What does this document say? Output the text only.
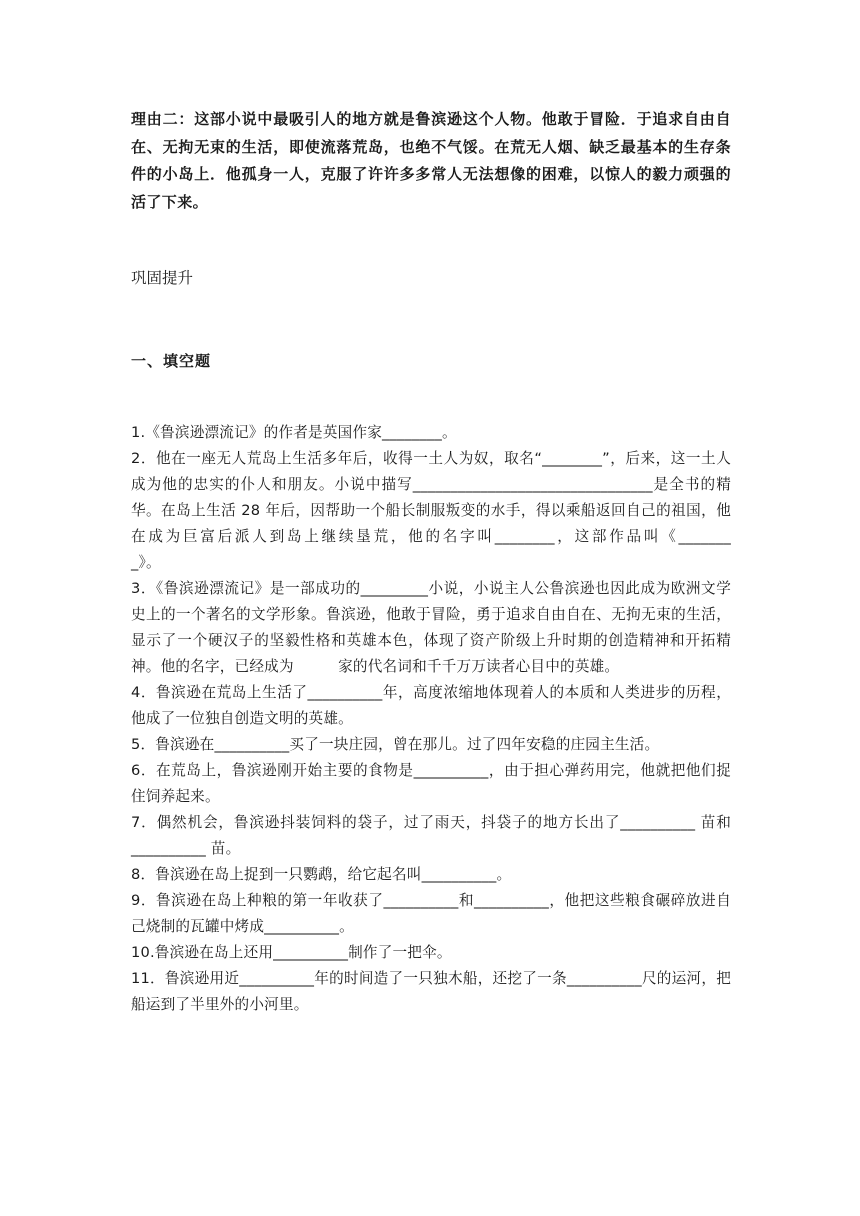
理由二：这部小说中最吸引人的地方就是鲁滨逊这个人物。他敢于冒险．于追求自由自在、无拘无束的生活，即使流落荒岛，也绝不气馁。在荒无人烟、缺乏最基本的生存条件的小岛上．他孤身一人，克服了许许多多常人无法想像的困难，以惊人的毅力顽强的活了下来。

巩固提升
一、填空题
1.《鲁滨逊漂流记》的作者是英国作家________。
2．他在一座无人荒岛上生活多年后，收得一土人为奴，取名“________”，后来，这一土人成为他的忠实的仆人和朋友。小说中描写________________________________是全书的精华。在岛上生活 28 年后，因帮助一个船长制服叛变的水手，得以乘船返回自己的祖国，他在成为巨富后派人到岛上继续垦荒，他的名字叫________，这部作品叫《_______　　　_》。
3．《鲁滨逊漂流记》是一部成功的_________小说，小说主人公鲁滨逊也因此成为欧洲文学史上的一个著名的文学形象。鲁滨逊，他敢于冒险，勇于追求自由自在、无拘无束的生活，显示了一个硬汉子的坚毅性格和英雄本色，体现了资产阶级上升时期的创造精神和开拓精神。他的名字，已经成为　　　家的代名词和千千万万读者心目中的英雄。
4．鲁滨逊在荒岛上生活了__________年，高度浓缩地体现着人的本质和人类进步的历程，他成了一位独自创造文明的英雄。
5．鲁滨逊在__________买了一块庄园，曾在那儿。过了四年安稳的庄园主生活。
6．在荒岛上，鲁滨逊刚开始主要的食物是__________，由于担心弹药用完，他就把他们捉住饲养起来。
7．偶然机会，鲁滨逊抖装饲料的袋子，过了雨天，抖袋子的地方长出了__________ 苗和__________ 苗。
8．鲁滨逊在岛上捉到一只鹦鹉，给它起名叫__________。
9．鲁滨逊在岛上种粮的第一年收获了__________和__________，他把这些粮食碾碎放进自己烧制的瓦罐中烤成__________。
10.鲁滨逊在岛上还用__________制作了一把伞。
11．鲁滨逊用近__________年的时间造了一只独木船，还挖了一条__________尺的运河，把船运到了半里外的小河里。
